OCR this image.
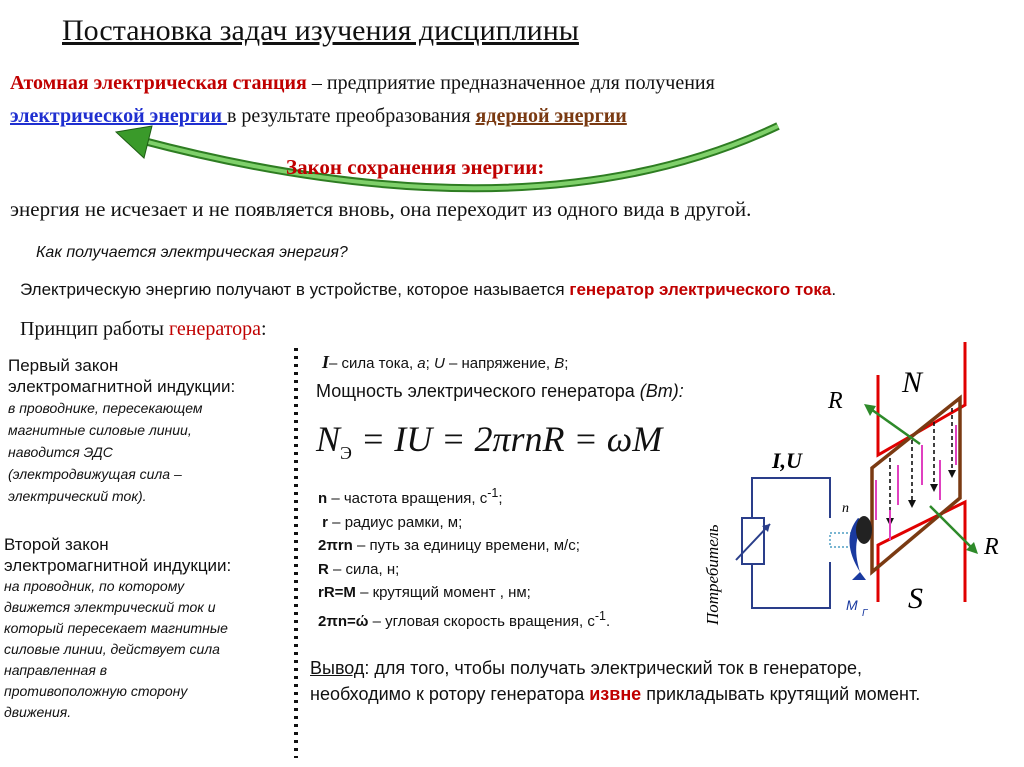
Постановка задач изучения дисциплины
Атомная электрическая станция – предприятие предназначенное для получения
электрической энергии в результате преобразования ядерной энергии
Закон сохранения энергии:
энергия не исчезает и не появляется вновь, она переходит из одного вида в другой.
Как получается электрическая энергия?
Электрическую энергию получают в устройстве, которое называется генератор электрического тока.
Принцип работы генератора:
Первый закон
электромагнитной индукции:
в проводнике, пересекающем
магнитные силовые линии,
наводится ЭДС
(электродвижущая сила –
электрический ток).
Второй закон
электромагнитной индукции:
на проводник, по которому
движется электрический ток и
который пересекает магнитные
силовые линии, действует сила
направленная в
противоположную сторону
движения.
I– сила тока, а; U – напряжение, В;
Мощность электрического генератора (Вт):
$N_Э$ = IU = 2πrnR = ωM
n – частота вращения, $с^{-1}$;
r – радиус рамки, м;
2πrn – путь за единицу времени, м/с;
R – сила, н;
rR=M – крутящий момент , нм;
2πn=ώ – угловая скорость вращения, $с^{-1}$.
Вывод: для того, чтобы получать электрический ток в генераторе,
необходимо к ротору генератора извне прикладывать крутящий момент.
N
S
R
R
I,U
Потребитель
n
М
Г
